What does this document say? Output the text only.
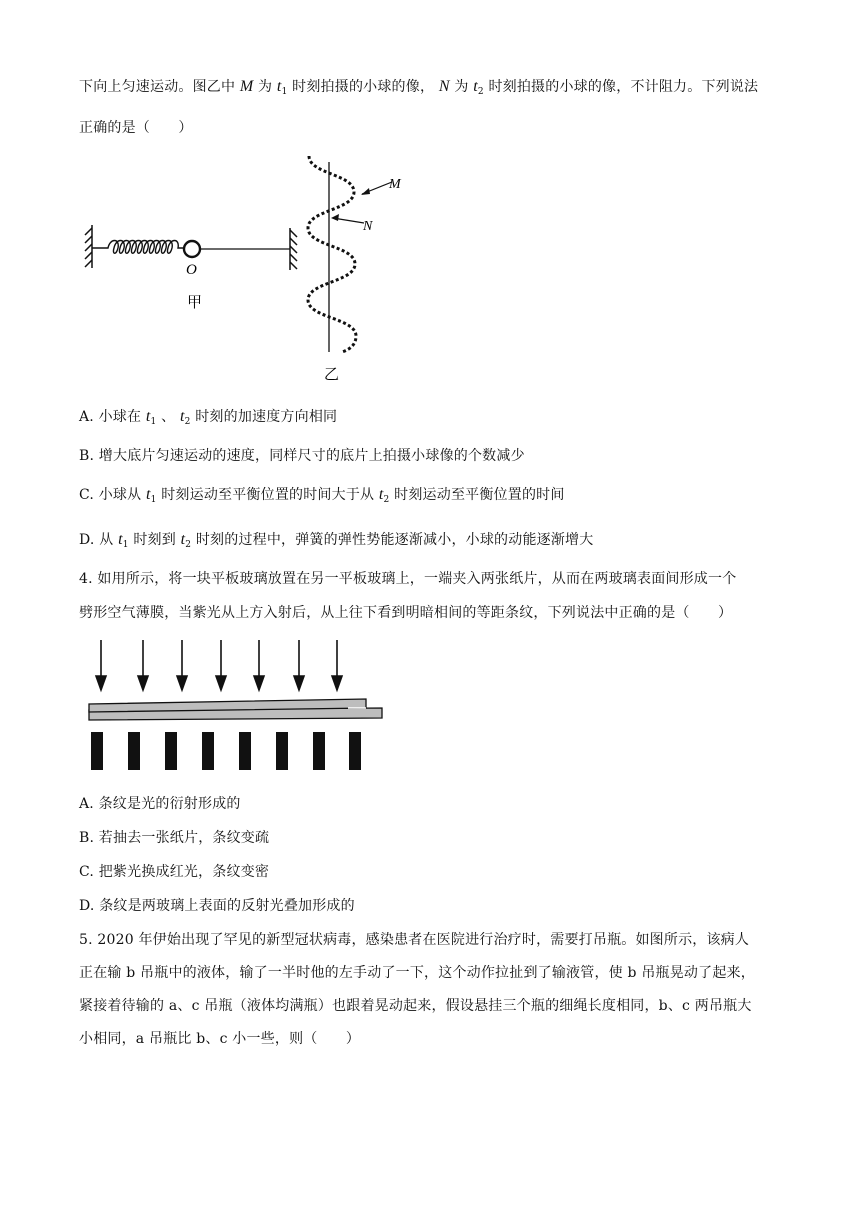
下向上匀速运动。图乙中 M 为 $t_1$ 时刻拍摄的小球的像， N 为 $t_2$ 时刻拍摄的小球的像，不计阻力。下列说法
正确的是（　　）
O
甲
M
N
乙
A. 小球在 $t_1$ 、 $t_2$ 时刻的加速度方向相同
B. 增大底片匀速运动的速度，同样尺寸的底片上拍摄小球像的个数减少
C. 小球从 $t_1$ 时刻运动至平衡位置的时间大于从 $t_2$ 时刻运动至平衡位置的时间
D. 从 $t_1$ 时刻到 $t_2$ 时刻的过程中，弹簧的弹性势能逐渐减小，小球的动能逐渐增大
4. 如用所示，将一块平板玻璃放置在另一平板玻璃上，一端夹入两张纸片，从而在两玻璃表面间形成一个
劈形空气薄膜，当紫光从上方入射后，从上往下看到明暗相间的等距条纹，下列说法中正确的是（　　）
A. 条纹是光的衍射形成的
B. 若抽去一张纸片，条纹变疏
C. 把紫光换成红光，条纹变密
D. 条纹是两玻璃上表面的反射光叠加形成的
5. 2020 年伊始出现了罕见的新型冠状病毒，感染患者在医院进行治疗时，需要打吊瓶。如图所示，该病人
正在输 b 吊瓶中的液体，输了一半时他的左手动了一下，这个动作拉扯到了输液管，使 b 吊瓶晃动了起来，
紧接着待输的 a、c 吊瓶（液体均满瓶）也跟着晃动起来，假设悬挂三个瓶的细绳长度相同，b、c 两吊瓶大
小相同，a 吊瓶比 b、c 小一些，则（　　）
